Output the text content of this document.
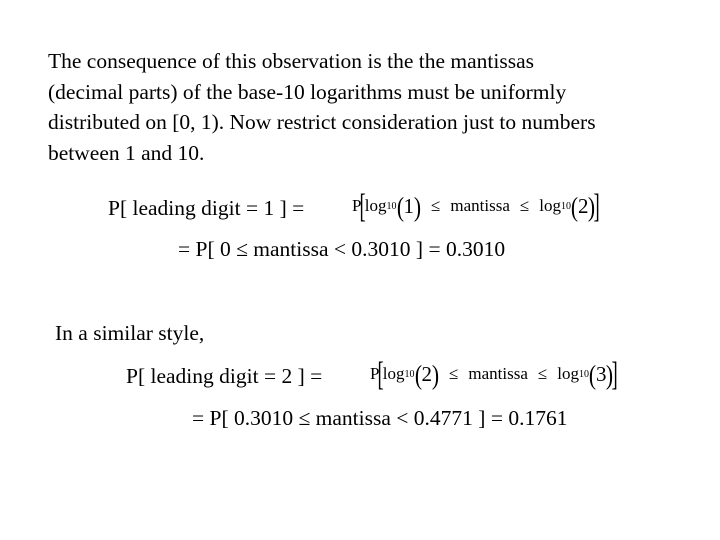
The consequence of this observation is the the mantissas
(decimal parts) of the base-10 logarithms must be uniformly
distributed on [0, 1). Now restrict consideration just to numbers
between 1 and 10.
P[ leading digit = 1 ] =	P
[
log 10 ( 1 ) ≤ mantissa ≤ log 10 ( 2 )
]
= P[ 0 ≤ mantissa < 0.3010 ] = 0.3010
In a similar style,
P[ leading digit = 2 ] =	P
[
log 10 ( 2 ) ≤ mantissa ≤ log 10 ( 3 )
]
= P[ 0.3010 ≤ mantissa < 0.4771 ] = 0.1761
